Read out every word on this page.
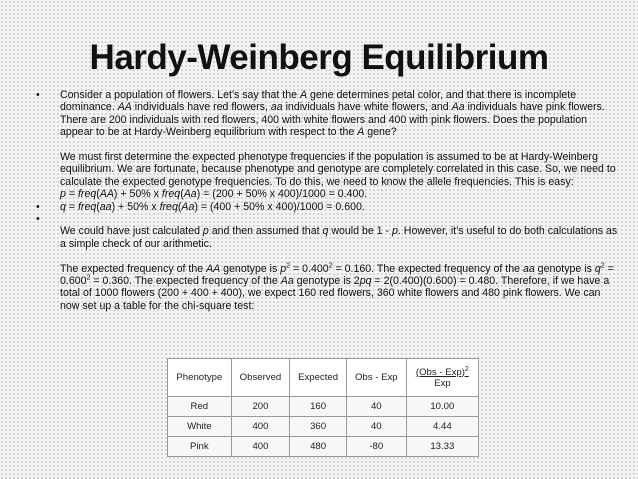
Hardy-Weinberg Equilibrium
• Consider a population of flowers. Let's say that the A gene determines petal color, and that there is incomplete dominance. AA individuals have red flowers, aa individuals have white flowers, and Aa individuals have pink flowers. There are 200 individuals with red flowers, 400 with white flowers and 400 with pink flowers. Does the population appear to be at Hardy-Weinberg equilibrium with respect to the A gene?
We must first determine the expected phenotype frequencies if the population is assumed to be at Hardy-Weinberg equilibrium. We are fortunate, because phenotype and genotype are completely correlated in this case. So, we need to calculate the expected genotype frequencies. To do this, we need to know the allele frequencies. This is easy:
p = freq(AA) + 50% x freq(Aa) = (200 + 50% x 400)/1000 = 0.400.
• q = freq(aa) + 50% x freq(Aa) = (400 + 50% x 400)/1000 = 0.600.
•
We could have just calculated p and then assumed that q would be 1 - p. However, it's useful to do both calculations as a simple check of our arithmetic.
The expected frequency of the AA genotype is $p^2 = 0.400^2 = 0.160$. The expected frequency of the aa genotype is $q^2 = 0.600^2 = 0.360$. The expected frequency of the Aa genotype is 2pq = 2(0.400)(0.600) = 0.480. Therefore, if we have a total of 1000 flowers (200 + 400 + 400), we expect 160 red flowers, 360 white flowers and 480 pink flowers. We can now set up a table for the chi-square test:
Phenotype	Observed	Expected	Obs - Exp	(Obs - Exp)$^2$
Exp

Red	200	160	40	10.00
White	400	360	40	4.44
Pink	400	480	-80	13.33
